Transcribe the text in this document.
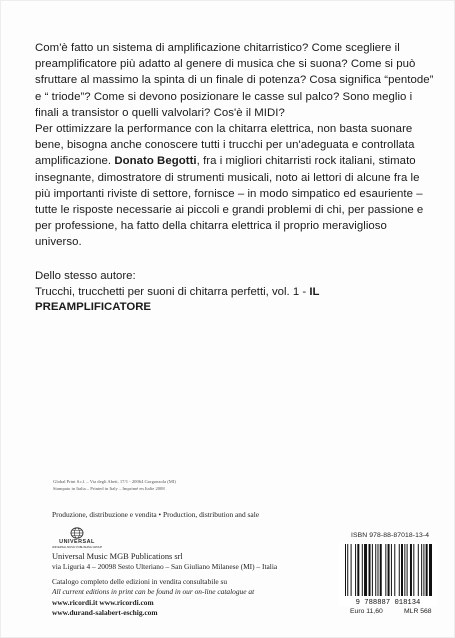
Com'è fatto un sistema di amplificazione chitarristico? Come scegliere il preamplificatore più adatto al genere di musica che si suona? Come si può sfruttare al massimo la spinta di un finale di potenza? Cosa significa “pentode” e “ triode”? Come si devono posizionare le casse sul palco? Sono meglio i finali a transistor o quelli valvolari? Cos'è il MIDI?

Per ottimizzare la performance con la chitarra elettrica, non basta suonare bene, bisogna anche conoscere tutti i trucchi per un'adeguata e controllata amplificazione. Donato Begotti, fra i migliori chitarristi rock italiani, stimato insegnante, dimostratore di strumenti musicali, noto ai lettori di alcune fra le più importanti riviste di settore, fornisce – in modo simpatico ed esauriente – tutte le risposte necessarie ai piccoli e grandi problemi di chi, per passione e per professione, ha fatto della chitarra elettrica il proprio meraviglioso universo.

Dello stesso autore:

Trucchi, trucchetti per suoni di chitarra perfetti, vol. 1 - IL PREAMPLIFICATORE

Global Print S.r.l. – Via degli Abeti, 17/1 - 20064 Gorgonzola (MI)

Stampato in Italia – Printed in Italy – Imprimé en Italie 2008

Produzione, distribuzione e vendita • Production, distribution and sale
UNIVERSAL
UNIVERSAL MUSIC PUBLISHING GROUP

Universal Music MGB Publications srl

via Liguria 4 – 20098 Sesto Ulteriano – San Giuliano Milanese (MI) – Italia

Catalogo completo delle edizioni in vendita consultabile su

All current editions in print can be found in our on-line catalogue at

www.ricordi.it www.ricordi.com

www.durand-salabert-eschig.com

ISBN 978-88-87018-13-4
9 788887 018134
Euro 11,60	MLR 568
